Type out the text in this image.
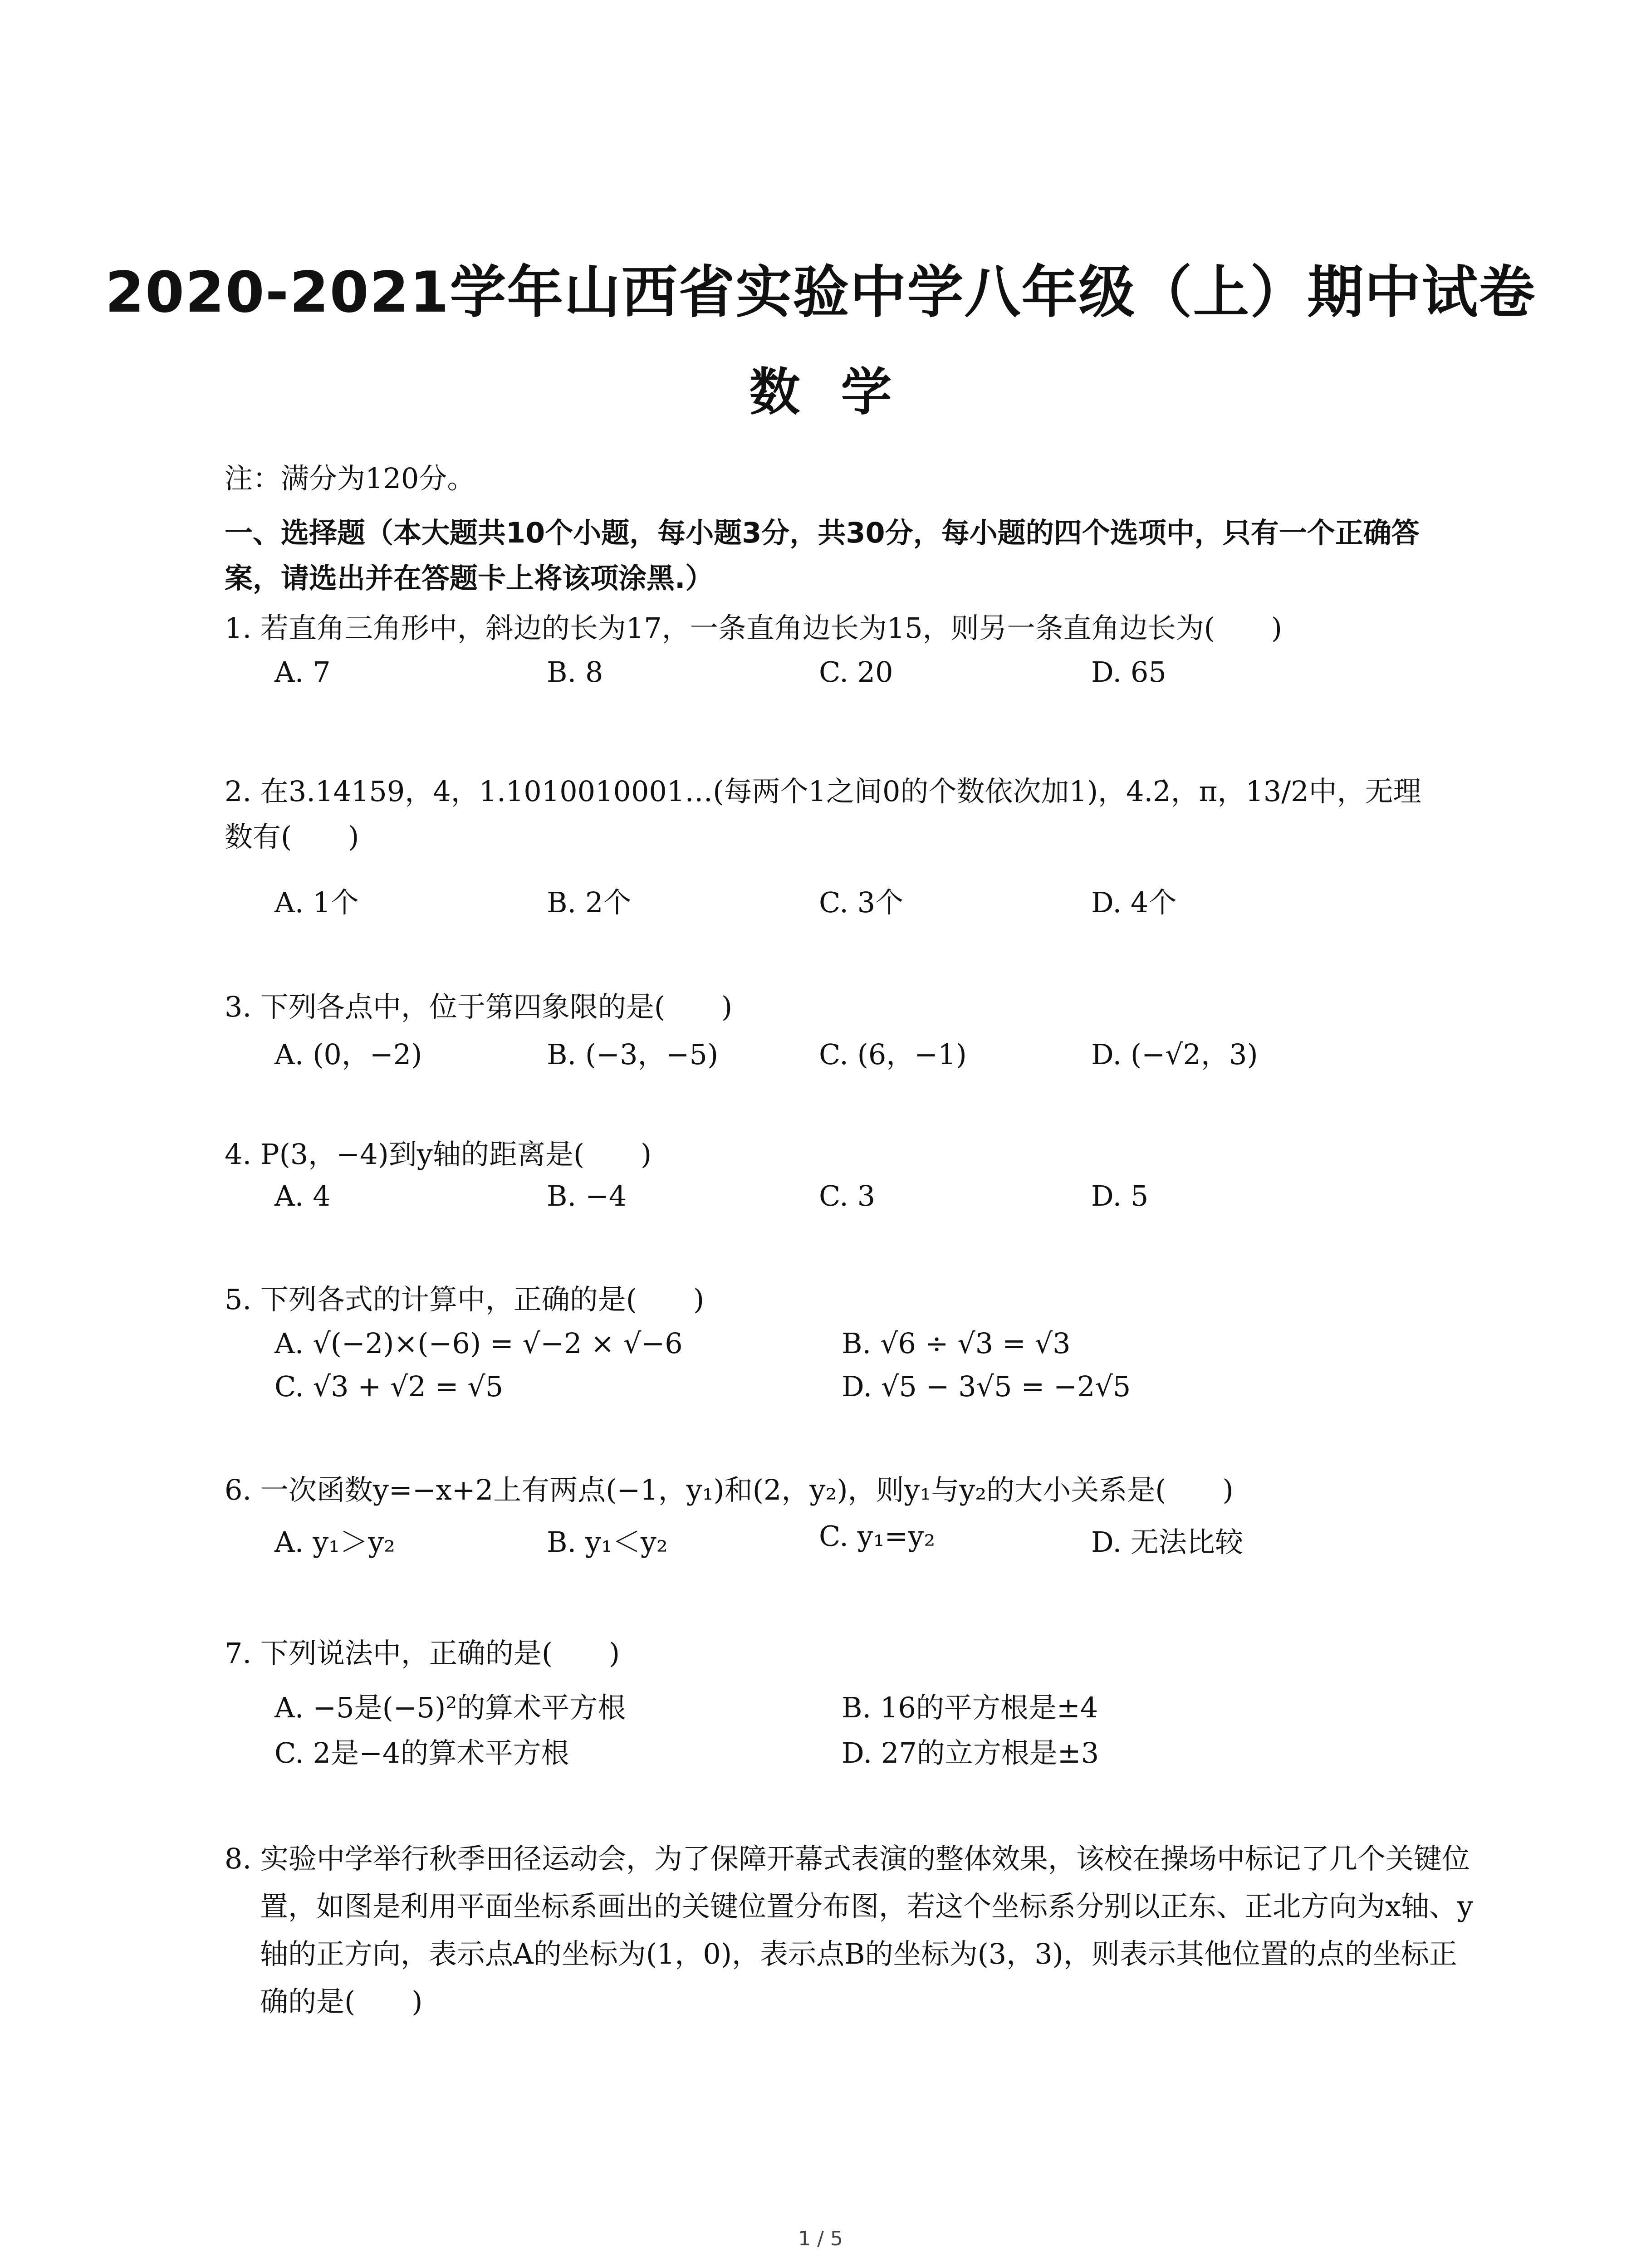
2020-2021学年山西省实验中学八年级（上）期中试卷
数学
注：满分为120分。
一、选择题（本大题共10个小题，每小题3分，共30分，每小题的四个选项中，只有一个正确答案，请选出并在答题卡上将该项涂黑.）
1. 若直角三角形中，斜边的长为17，一条直角边长为15，则另一条直角边长为(　　)
A. 7	B. 8	C. 20	D. 65
2. 在3.14159，4，1.1010010001…(每两个1之间0的个数依次加1)，4.2̇，π，13/2中，无理数有(　　)
A. 1个	B. 2个	C. 3个	D. 4个
3. 下列各点中，位于第四象限的是(　　)
A. (0，−2)	B. (−3，−5)	C. (6，−1)	D. (−√2，3)
4. P(3，−4)到y轴的距离是(　　)
A. 4	B. −4	C. 3	D. 5
5. 下列各式的计算中，正确的是(　　)
A. √(−2)×(−6) = √−2 × √−6	B. √6 ÷ √3 = √3
C. √3 + √2 = √5	D. √5 − 3√5 = −2√5
6. 一次函数y=−x+2上有两点(−1，y₁)和(2，y₂)，则y₁与y₂的大小关系是(　　)
A. y₁＞y₂	B. y₁＜y₂	C. y₁=y₂	D. 无法比较
7. 下列说法中，正确的是(　　)
A. −5是(−5)²的算术平方根	B. 16的平方根是±4
C. 2是−4的算术平方根	D. 27的立方根是±3
8. 实验中学举行秋季田径运动会，为了保障开幕式表演的整体效果，该校在操场中标记了几个关键位置，如图是利用平面坐标系画出的关键位置分布图，若这个坐标系分别以正东、正北方向为x轴、y轴的正方向，表示点A的坐标为(1，0)，表示点B的坐标为(3，3)，则表示其他位置的点的坐标正确的是(　　)
1 / 5
